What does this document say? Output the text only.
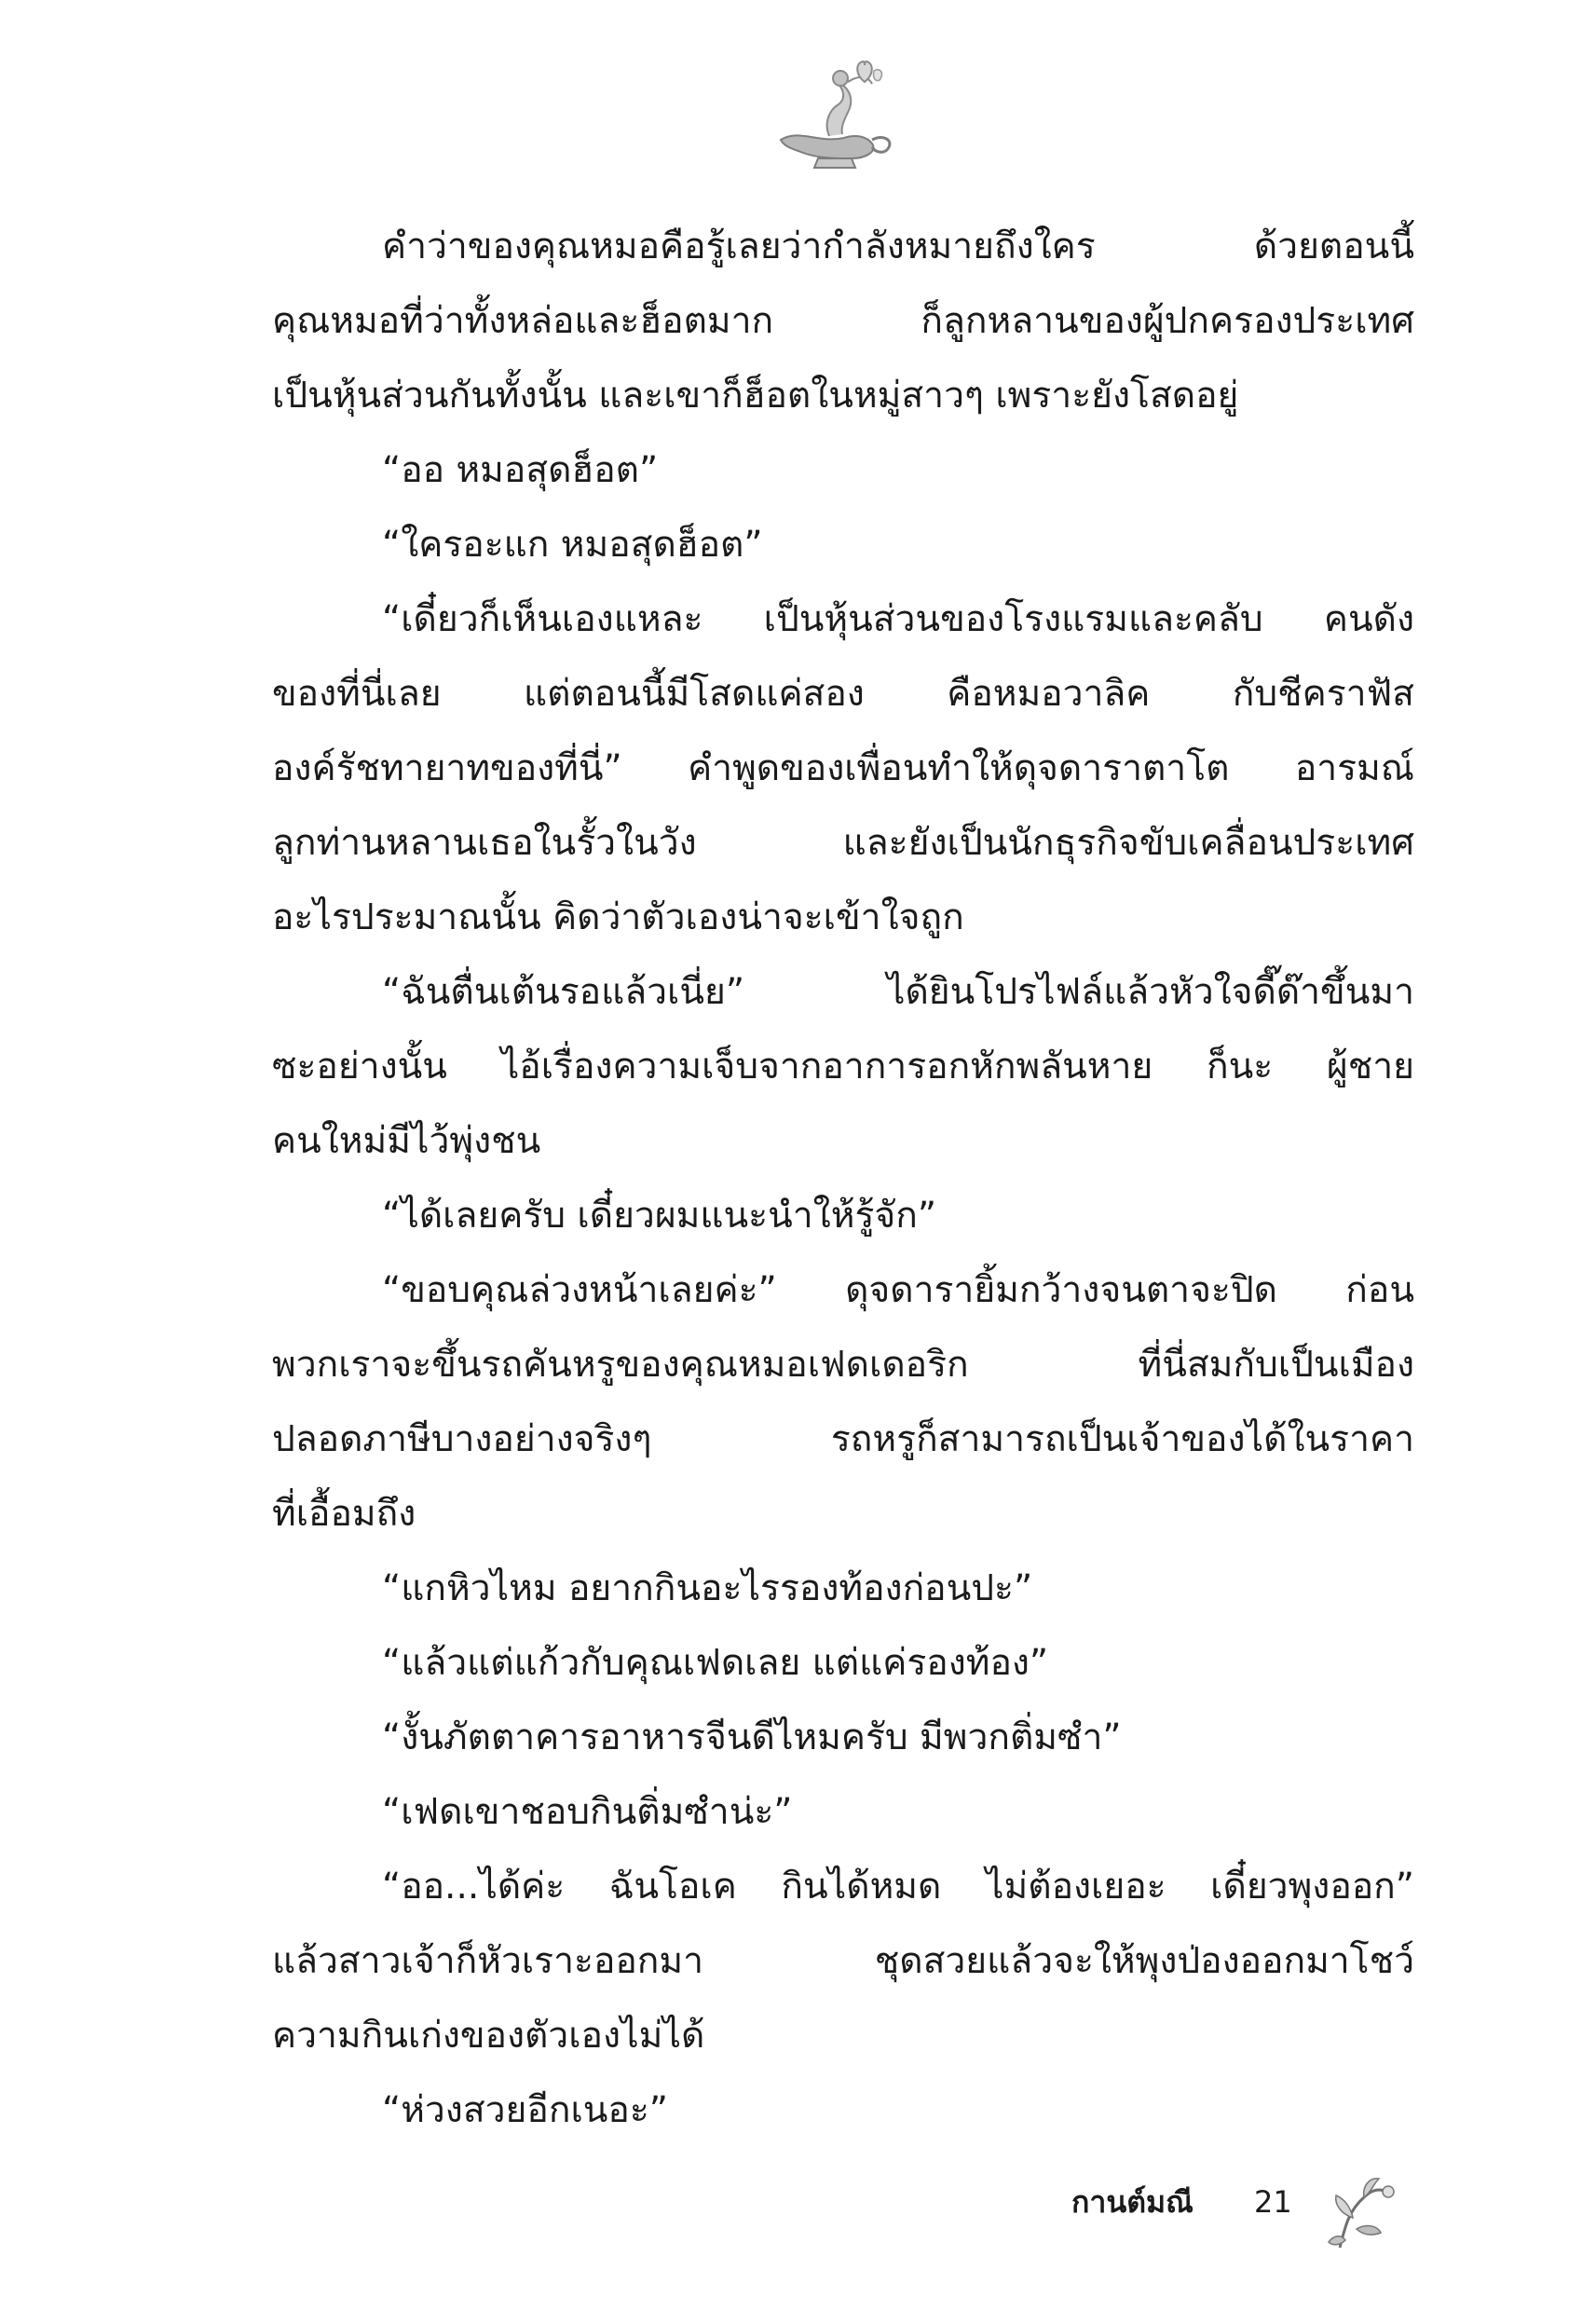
คำว่าของคุณหมอคือรู้เลยว่ากำลังหมายถึงใคร ด้วยตอนนี้
คุณหมอที่ว่าทั้งหล่อและฮ็อตมาก ก็ลูกหลานของผู้ปกครองประเทศ
เป็นหุ้นส่วนกันทั้งนั้น และเขาก็ฮ็อตในหมู่สาวๆ เพราะยังโสดอยู่
“ออ หมอสุดฮ็อต”
“ใครอะแก หมอสุดฮ็อต”
“เดี๋ยวก็เห็นเองแหละ เป็นหุ้นส่วนของโรงแรมและคลับ คนดัง
ของที่นี่เลย แต่ตอนนี้มีโสดแค่สอง คือหมอวาลิค กับชีคราฟัส
องค์รัชทายาทของที่นี่” คำพูดของเพื่อนทำให้ดุจดาราตาโต อารมณ์
ลูกท่านหลานเธอในรั้วในวัง และยังเป็นนักธุรกิจขับเคลื่อนประเทศ
อะไรประมาณนั้น คิดว่าตัวเองน่าจะเข้าใจถูก
“ฉันตื่นเต้นรอแล้วเนี่ย” ได้ยินโปรไฟล์แล้วหัวใจดี๊ด๊าขึ้นมา
ซะอย่างนั้น ไอ้เรื่องความเจ็บจากอาการอกหักพลันหาย ก็นะ ผู้ชาย
คนใหม่มีไว้พุ่งชน
“ได้เลยครับ เดี๋ยวผมแนะนำให้รู้จัก”
“ขอบคุณล่วงหน้าเลยค่ะ” ดุจดารายิ้มกว้างจนตาจะปิด ก่อน
พวกเราจะขึ้นรถคันหรูของคุณหมอเฟดเดอริก ที่นี่สมกับเป็นเมือง
ปลอดภาษีบางอย่างจริงๆ รถหรูก็สามารถเป็นเจ้าของได้ในราคา
ที่เอื้อมถึง
“แกหิวไหม อยากกินอะไรรองท้องก่อนปะ”
“แล้วแต่แก้วกับคุณเฟดเลย แต่แค่รองท้อง”
“งั้นภัตตาคารอาหารจีนดีไหมครับ มีพวกติ่มซำ”
“เฟดเขาชอบกินติ่มซำน่ะ”
“ออ...ได้ค่ะ ฉันโอเค กินได้หมด ไม่ต้องเยอะ เดี๋ยวพุงออก”
แล้วสาวเจ้าก็หัวเราะออกมา ชุดสวยแล้วจะให้พุงป่องออกมาโชว์
ความกินเก่งของตัวเองไม่ได้
“ห่วงสวยอีกเนอะ”
กานต์มณี 21
